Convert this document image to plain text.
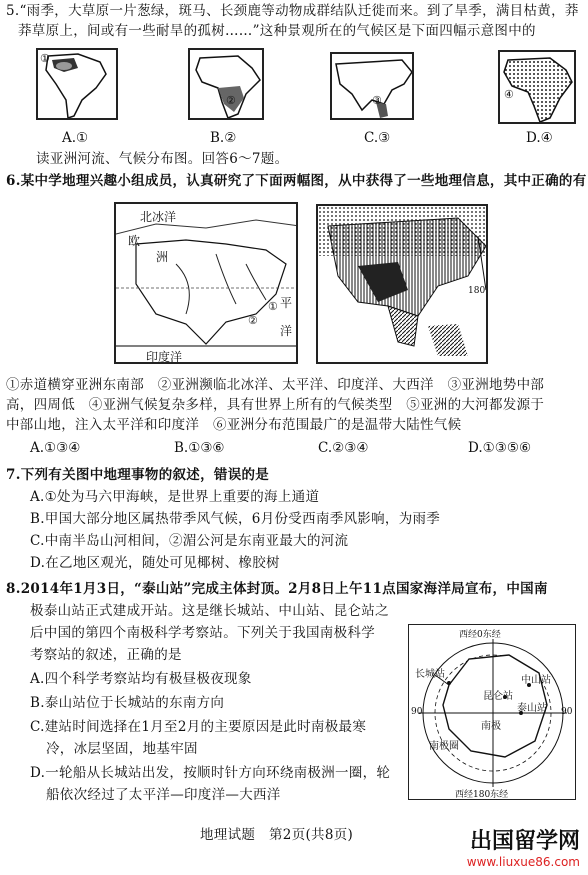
5.“雨季，大草原一片葱绿，斑马、长颈鹿等动物成群结队迁徙而来。到了旱季，满目枯黄，莽
莽草原上，间或有一些耐旱的孤树……”这种景观所在的气候区是下面四幅示意图中的
①
②	③	④
A.①	B.②	C.③	D.④
读亚洲河流、气候分布图。回答6～7题。
6.某中学地理兴趣小组成员，认真研究了下面两幅图，从中获得了一些地理信息，其中正确的有
北冰洋
欧
洲
平
洋
印度洋
①
②
180
①赤道横穿亚洲东南部　②亚洲濒临北冰洋、太平洋、印度洋、大西洋　③亚洲地势中部
高，四周低　④亚洲气候复杂多样，具有世界上所有的气候类型　⑤亚洲的大河都发源于
中部山地，注入太平洋和印度洋　⑥亚洲分布范围最广的是温带大陆性气候
A.①③④	B.①③⑥	C.②③④	D.①③⑤⑥
7.下列有关图中地理事物的叙述，错误的是
A.①处为马六甲海峡，是世界上重要的海上通道
B.甲国大部分地区属热带季风气候，6月份受西南季风影响，为雨季
C.中南半岛山河相间，②湄公河是东南亚最大的河流
D.在乙地区观光，随处可见椰树、橡胶树
8.2014年1月3日，“泰山站”完成主体封顶。2月8日上午11点国家海洋局宣布，中国南
极泰山站正式建成开站。这是继长城站、中山站、昆仑站之
后中国的第四个南极科学考察站。下列关于我国南极科学
考察站的叙述，正确的是
A.四个科学考察站均有极昼极夜现象
B.泰山站位于长城站的东南方向
C.建站时间选择在1月至2月的主要原因是此时南极最寒
冷，冰层坚固，地基牢固
D.一轮船从长城站出发，按顺时针方向环绕南极洲一圈，轮
船依次经过了太平洋—印度洋—大西洋
西经0东经
西经180东经
90	90
长城站
昆仑站
中山站
泰山站
南极
南极圈
地理试题　第2页(共8页)	出国留学网
www.liuxue86.com
